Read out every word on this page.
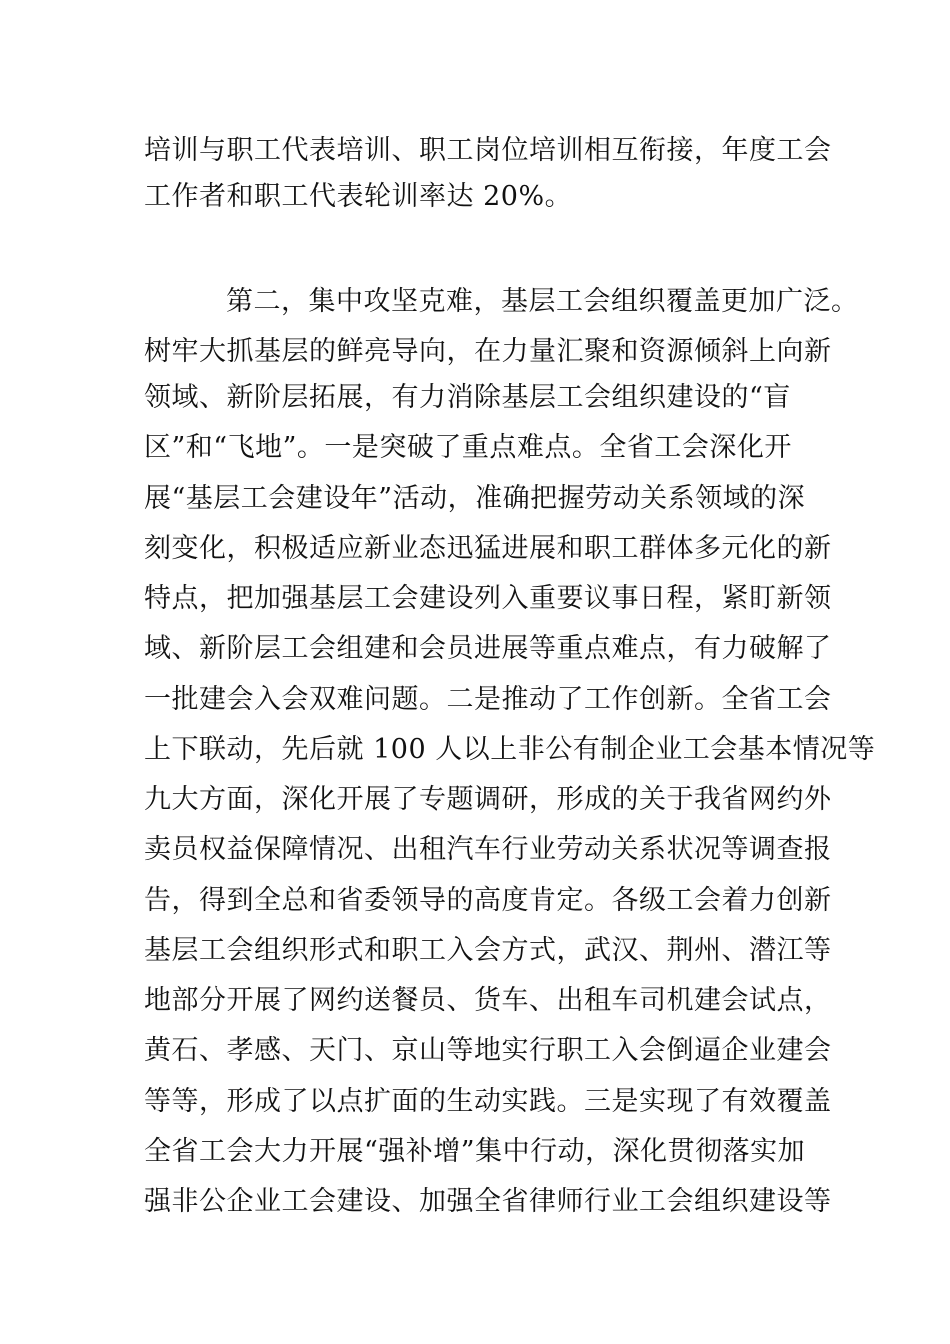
培训与职工代表培训、职工岗位培训相互衔接，年度工会
工作者和职工代表轮训率达 20%。
第二，集中攻坚克难，基层工会组织覆盖更加广泛。
树牢大抓基层的鲜亮导向，在力量汇聚和资源倾斜上向新
领域、新阶层拓展，有力消除基层工会组织建设的“盲
区”和“飞地”。一是突破了重点难点。全省工会深化开
展“基层工会建设年”活动，准确把握劳动关系领域的深
刻变化，积极适应新业态迅猛进展和职工群体多元化的新
特点，把加强基层工会建设列入重要议事日程，紧盯新领
域、新阶层工会组建和会员进展等重点难点，有力破解了
一批建会入会双难问题。二是推动了工作创新。全省工会
上下联动，先后就 100 人以上非公有制企业工会基本情况等
九大方面，深化开展了专题调研，形成的关于我省网约外
卖员权益保障情况、出租汽车行业劳动关系状况等调查报
告，得到全总和省委领导的高度肯定。各级工会着力创新
基层工会组织形式和职工入会方式，武汉、荆州、潜江等
地部分开展了网约送餐员、货车、出租车司机建会试点，
黄石、孝感、天门、京山等地实行职工入会倒逼企业建会
等等，形成了以点扩面的生动实践。三是实现了有效覆盖
全省工会大力开展“强补增”集中行动，深化贯彻落实加
强非公企业工会建设、加强全省律师行业工会组织建设等
